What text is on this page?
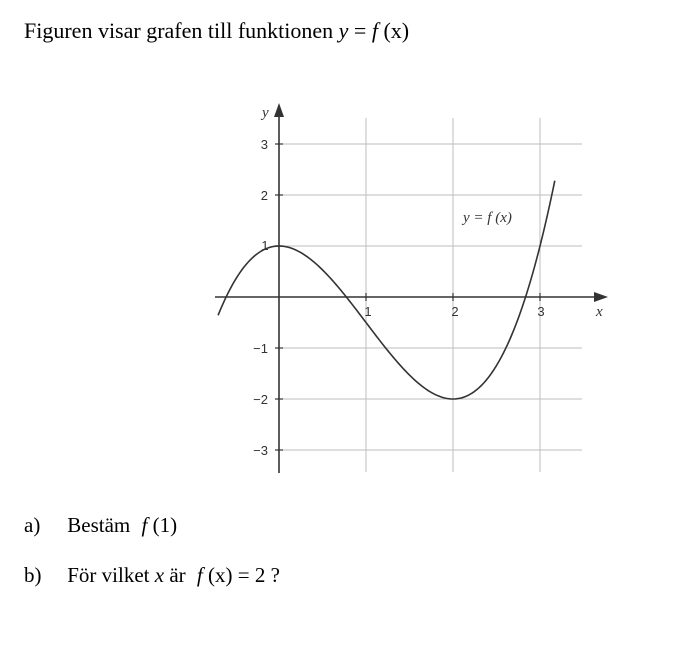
Figuren visar grafen till funktionen y = f (x)
1	2	3
3
2
1
−1
−2
−3
y
x
y = f (x)
a) Bestäm f (1)
b) För vilket x är f (x) = 2 ?
